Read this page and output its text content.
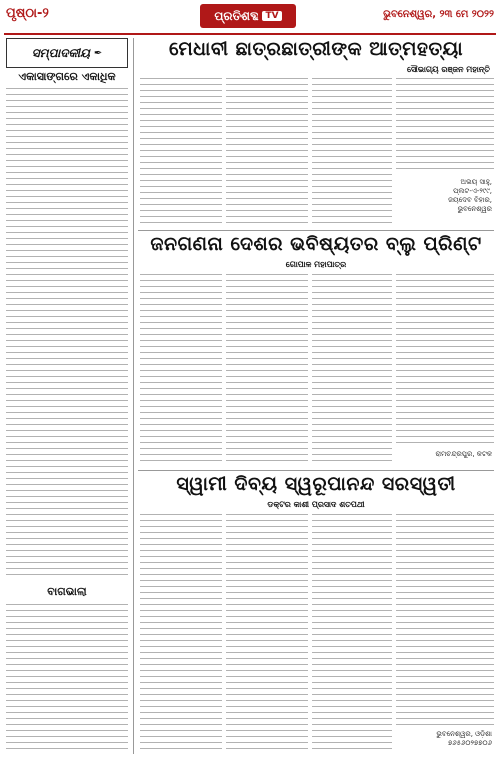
ପୃଷ୍ଠା-୨	ପ୍ରତିଶବ୍ଦ TV	ଭୁବନେଶ୍ୱର, ୨୩ ମେ ୨୦୨୨
ସମ୍ପାଦକୀୟ ✒
ଏକାସାଙ୍ଗରେ ଏକାଧିକ
ବାଗଭାଲା
ମେଧାବୀ ଛାତ୍ରଛାତ୍ରୀଙ୍କ ଆତ୍ମହତ୍ୟା
ସୌଭାଗ୍ୟ ରଞ୍ଜନ ମହାନ୍ତି
ଅଭୟ ସାହୁ,
ପ୍ଲଟ-ଏ-୨୯୯,
ଜୟଦେବ ବିହାର,
ଭୁବନେଶ୍ୱର
ଜନଗଣନା ଦେଶର ଭବିଷ୍ୟତର ବ୍ଲୁ ପ୍ରିଣ୍ଟ
ଗୋପାଳ ମହାପାତ୍ର
ରାମଚନ୍ଦ୍ରପୁର, କଟକ
ସ୍ୱାମୀ ଦିବ୍ୟ ସ୍ୱରୂପାନନ୍ଦ ସରସ୍ୱତୀ
ଡକ୍ଟର କାଶୀ ପ୍ରସାଦ ଶତପଥୀ
ଭୁବନେଶ୍ୱର, ଓଡ଼ିଶା
୭୬୫୬୦୨୭୭୦୬
